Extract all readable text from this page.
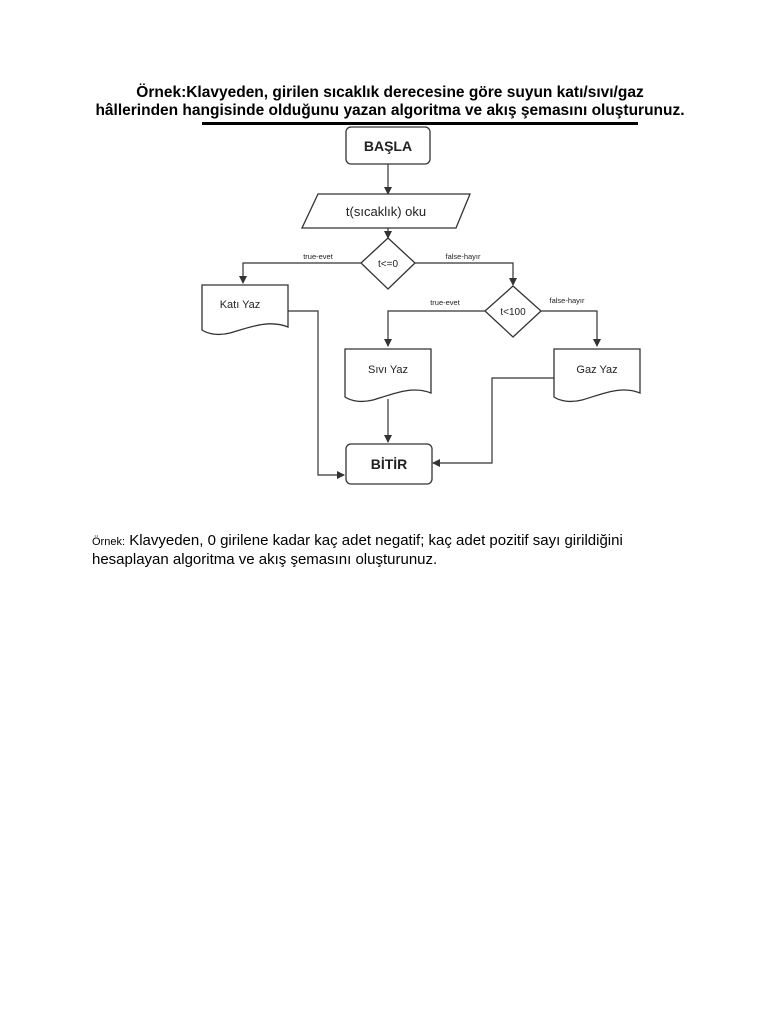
Örnek:Klavyeden, girilen sıcaklık derecesine göre suyun katı/sıvı/gaz
hâllerinden hangisinde olduğunu yazan algoritma ve akış şemasını oluşturunuz.
BAŞLA
t(sıcaklık) oku
t<=0
true-evet	false-hayır
t<100
true-evet	false-hayır
Katı Yaz
Sıvı Yaz	Gaz Yaz
BİTİR
Örnek: Klavyeden, 0 girilene kadar kaç adet negatif; kaç adet pozitif sayı girildiğini
hesaplayan algoritma ve akış şemasını oluşturunuz.
